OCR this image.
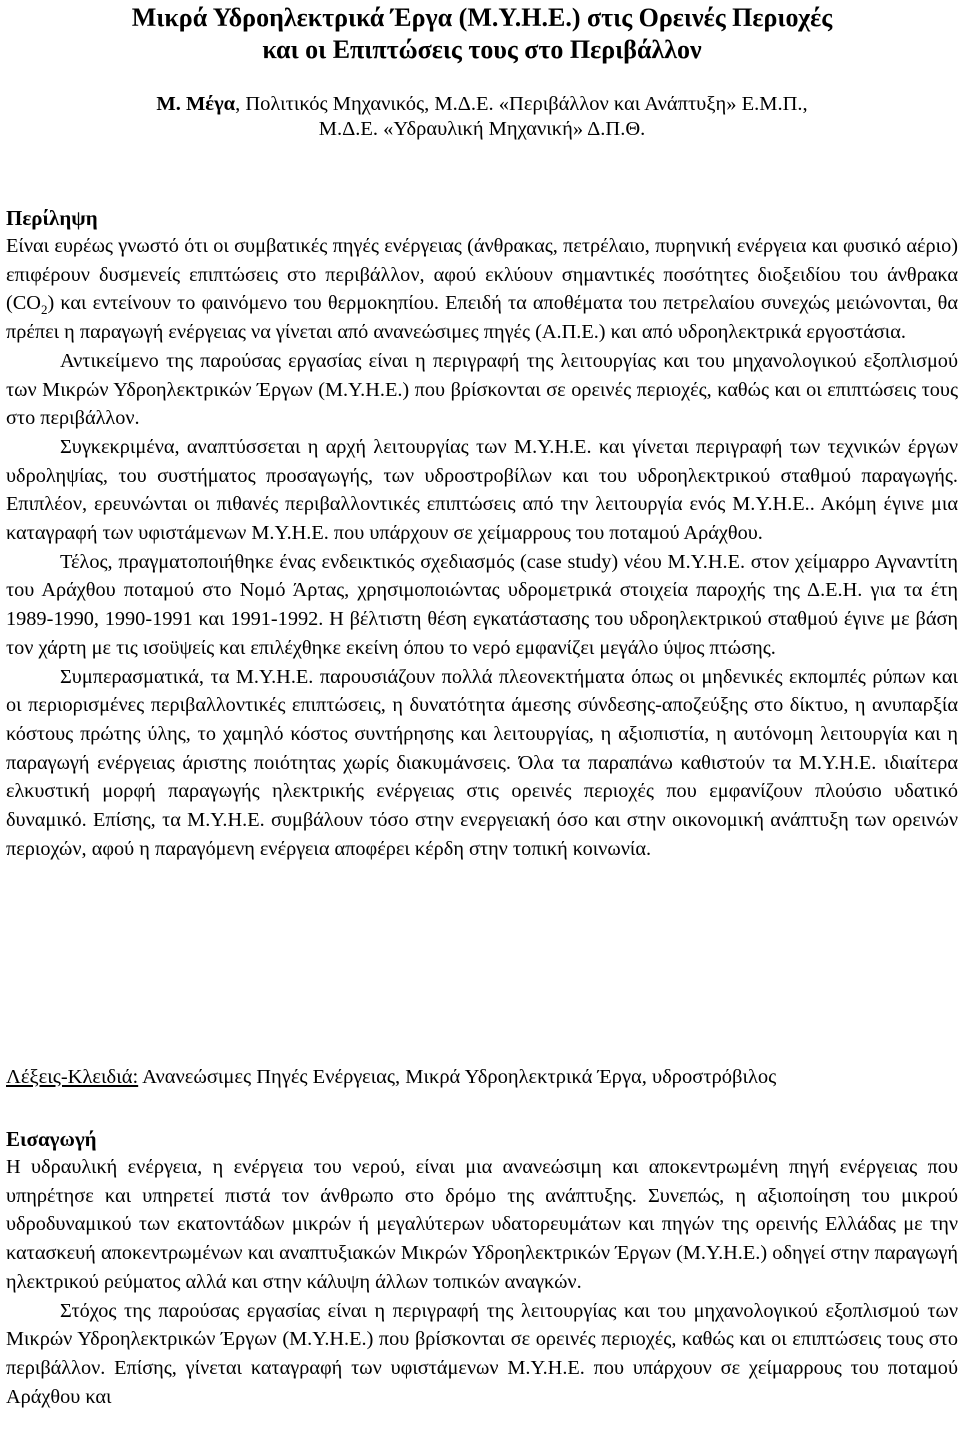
Μικρά Υδροηλεκτρικά Έργα (Μ.Υ.Η.Ε.) στις Ορεινές Περιοχές
και οι Επιπτώσεις τους στο Περιβάλλον
Μ. Μέγα, Πολιτικός Μηχανικός, Μ.Δ.Ε. «Περιβάλλον και Ανάπτυξη» Ε.Μ.Π.,
Μ.Δ.Ε. «Υδραυλική Μηχανική» Δ.Π.Θ.
Περίληψη

Είναι ευρέως γνωστό ότι οι συμβατικές πηγές ενέργειας (άνθρακας, πετρέλαιο, πυρηνική ενέργεια και φυσικό αέριο) επιφέρουν δυσμενείς επιπτώσεις στο περιβάλλον, αφού εκλύουν σημαντικές ποσότητες διοξειδίου του άνθρακα $(CO_2)$ και εντείνουν το φαινόμενο του θερμοκηπίου. Επειδή τα αποθέματα του πετρελαίου συνεχώς μειώνονται, θα πρέπει η παραγωγή ενέργειας να γίνεται από ανανεώσιμες πηγές (Α.Π.Ε.) και από υδροηλεκτρικά εργοστάσια.

Αντικείμενο της παρούσας εργασίας είναι η περιγραφή της λειτουργίας και του μηχανολογικού εξοπλισμού των Μικρών Υδροηλεκτρικών Έργων (Μ.Υ.Η.Ε.) που βρίσκονται σε ορεινές περιοχές, καθώς και οι επιπτώσεις τους στο περιβάλλον.

Συγκεκριμένα, αναπτύσσεται η αρχή λειτουργίας των Μ.Υ.Η.Ε. και γίνεται περιγραφή των τεχνικών έργων υδροληψίας, του συστήματος προσαγωγής, των υδροστροβίλων και του υδροηλεκτρικού σταθμού παραγωγής. Επιπλέον, ερευνώνται οι πιθανές περιβαλλοντικές επιπτώσεις από την λειτουργία ενός Μ.Υ.Η.Ε.. Ακόμη έγινε μια καταγραφή των υφιστάμενων Μ.Υ.Η.Ε. που υπάρχουν σε χείμαρρους του ποταμού Αράχθου.

Τέλος, πραγματοποιήθηκε ένας ενδεικτικός σχεδιασμός (case study) νέου Μ.Υ.Η.Ε. στον χείμαρρο Αγναντίτη του Αράχθου ποταμού στο Νομό Άρτας, χρησιμοποιώντας υδρομετρικά στοιχεία παροχής της Δ.Ε.Η. για τα έτη 1989-1990, 1990-1991 και 1991-1992. Η βέλτιστη θέση εγκατάστασης του υδροηλεκτρικού σταθμού έγινε με βάση τον χάρτη με τις ισοϋψείς και επιλέχθηκε εκείνη όπου το νερό εμφανίζει μεγάλο ύψος πτώσης.

Συμπερασματικά, τα Μ.Υ.Η.Ε. παρουσιάζουν πολλά πλεονεκτήματα όπως οι μηδενικές εκπομπές ρύπων και οι περιορισμένες περιβαλλοντικές επιπτώσεις, η δυνατότητα άμεσης σύνδεσης-αποζεύξης στο δίκτυο, η ανυπαρξία κόστους πρώτης ύλης, το χαμηλό κόστος συντήρησης και λειτουργίας, η αξιοπιστία, η αυτόνομη λειτουργία και η παραγωγή ενέργειας άριστης ποιότητας χωρίς διακυμάνσεις. Όλα τα παραπάνω καθιστούν τα Μ.Υ.Η.Ε. ιδιαίτερα ελκυστική μορφή παραγωγής ηλεκτρικής ενέργειας στις ορεινές περιοχές που εμφανίζουν πλούσιο υδατικό δυναμικό. Επίσης, τα Μ.Υ.Η.Ε. συμβάλουν τόσο στην ενεργειακή όσο και στην οικονομική ανάπτυξη των ορεινών περιοχών, αφού η παραγόμενη ενέργεια αποφέρει κέρδη στην τοπική κοινωνία.

Λέξεις-Κλειδιά: Ανανεώσιμες Πηγές Ενέργειας, Μικρά Υδροηλεκτρικά Έργα, υδροστρόβιλος
Εισαγωγή

Η υδραυλική ενέργεια, η ενέργεια του νερού, είναι μια ανανεώσιμη και αποκεντρωμένη πηγή ενέργειας που υπηρέτησε και υπηρετεί πιστά τον άνθρωπο στο δρόμο της ανάπτυξης. Συνεπώς, η αξιοποίηση του μικρού υδροδυναμικού των εκατοντάδων μικρών ή μεγαλύτερων υδατορευμάτων και πηγών της ορεινής Ελλάδας με την κατασκευή αποκεντρωμένων και αναπτυξιακών Μικρών Υδροηλεκτρικών Έργων (Μ.Υ.Η.Ε.) οδηγεί στην παραγωγή ηλεκτρικού ρεύματος αλλά και στην κάλυψη άλλων τοπικών αναγκών.

Στόχος της παρούσας εργασίας είναι η περιγραφή της λειτουργίας και του μηχανολογικού εξοπλισμού των Μικρών Υδροηλεκτρικών Έργων (Μ.Υ.Η.Ε.) που βρίσκονται σε ορεινές περιοχές, καθώς και οι επιπτώσεις τους στο περιβάλλον. Επίσης, γίνεται καταγραφή των υφιστάμενων Μ.Υ.Η.Ε. που υπάρχουν σε χείμαρρους του ποταμού Αράχθου και
